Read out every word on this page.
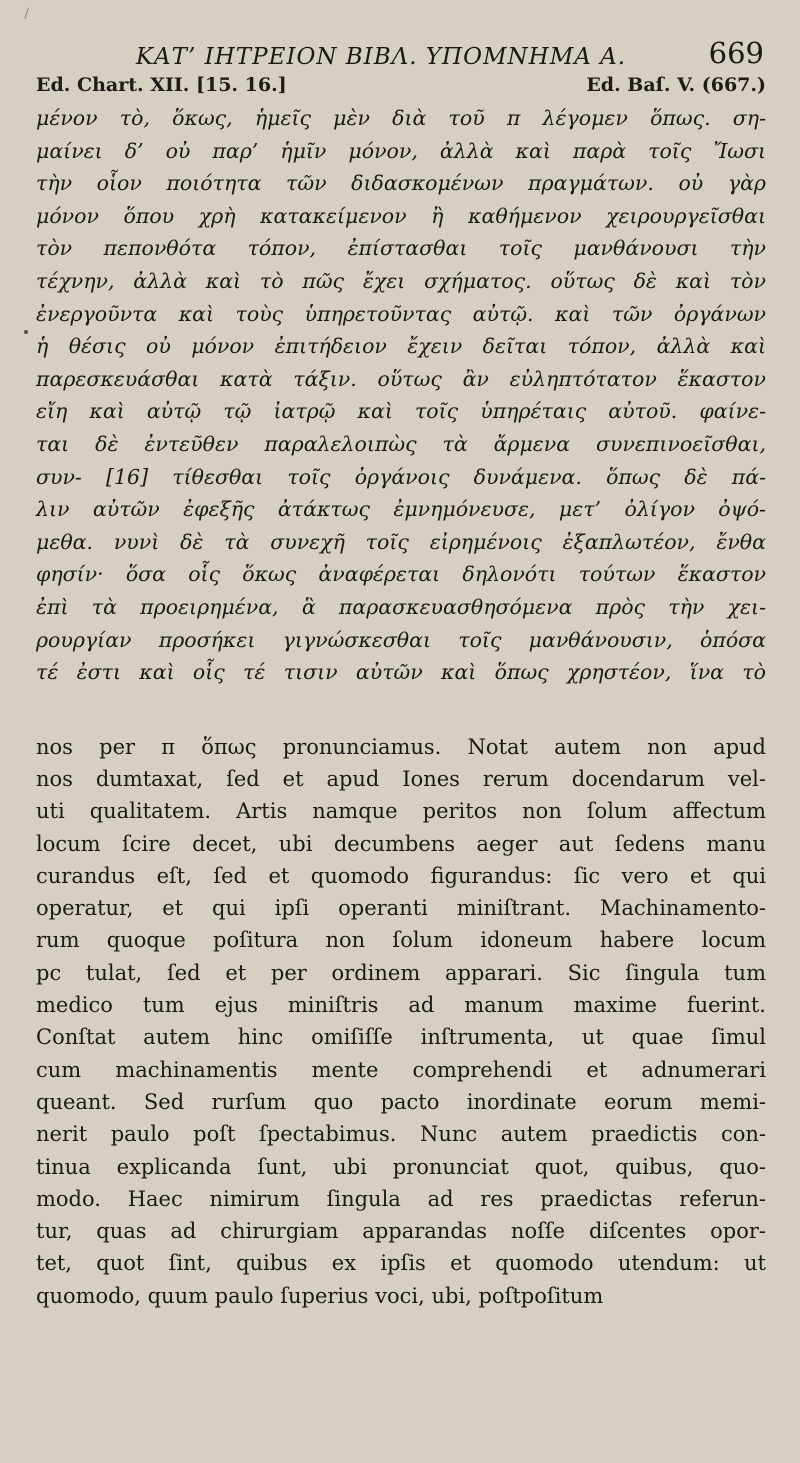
ΚΑΤ’ ΙΗΤΡΕΙΟΝ ΒΙΒΛ. ΥΠΟΜΝΗΜΑ Α.	669
Ed. Chart. XII. [15. 16.]	Ed. Baſ. V. (667.)
μένον τὸ, ὅκως, ἡμεῖς μὲν διὰ τοῦ π λέγομεν ὅπως. ση-
μαίνει δ’ οὐ παρ’ ἡμῖν μόνον, ἀλλὰ καὶ παρὰ τοῖς Ἴωσι
τὴν οἷον ποιότητα τῶν διδασκομένων πραγμάτων. οὐ γὰρ
μόνον ὅπου χρὴ κατακείμενον ἢ καθήμενον χειρουργεῖσθαι
τὸν πεπονθότα τόπον, ἐπίστασθαι τοῖς μανθάνουσι τὴν
τέχνην, ἀλλὰ καὶ τὸ πῶς ἔχει σχήματος. οὕτως δὲ καὶ τὸν
ἐνεργοῦντα καὶ τοὺς ὑπηρετοῦντας αὐτῷ. καὶ τῶν ὀργάνων
ἡ θέσις οὐ μόνον ἐπιτήδειον ἔχειν δεῖται τόπον, ἀλλὰ καὶ
παρεσκευάσθαι κατὰ τάξιν. οὕτως ἂν εὐληπτότατον ἕκαστον
εἴη καὶ αὐτῷ τῷ ἰατρῷ καὶ τοῖς ὑπηρέταις αὐτοῦ. φαίνε-
ται δὲ ἐντεῦθεν παραλελοιπὼς τὰ ἄρμενα συνεπινοεῖσθαι,
συν- [16] τίθεσθαι τοῖς ὀργάνοις δυνάμενα. ὅπως δὲ πά-
λιν αὐτῶν ἐφεξῆς ἀτάκτως ἐμνημόνευσε, μετ’ ὀλίγον ὀψό-
μεθα. νυνὶ δὲ τὰ συνεχῆ τοῖς εἰρημένοις ἐξαπλωτέον, ἔνθα
φησίν· ὅσα οἷς ὅκως ἀναφέρεται δηλονότι τούτων ἕκαστον
ἐπὶ τὰ προειρημένα, ἃ παρασκευασθησόμενα πρὸς τὴν χει-
ρουργίαν προσήκει γιγνώσκεσθαι τοῖς μανθάνουσιν, ὁπόσα
τέ ἐστι καὶ οἷς τέ τισιν αὐτῶν καὶ ὅπως χρηστέον, ἵνα τὸ
nos per π ὅπως pronunciamus. Notat autem non apud
nos dumtaxat, ſed et apud Iones rerum docendarum vel-
uti qualitatem. Artis namque peritos non ſolum affectum
locum ſcire decet, ubi decumbens aeger aut ſedens manu
curandus eſt, ſed et quomodo figurandus: ſic vero et qui
operatur, et qui ipſi operanti miniſtrant. Machinamento-
rum quoque poſitura non ſolum idoneum habere locum
pc tulat, ſed et per ordinem apparari. Sic ſingula tum
medico tum ejus miniſtris ad manum maxime fuerint.
Conſtat autem hinc omiſiſſe inſtrumenta, ut quae ſimul
cum machinamentis mente comprehendi et adnumerari
queant. Sed rurſum quo pacto inordinate eorum memi-
nerit paulo poſt ſpectabimus. Nunc autem praedictis con-
tinua explicanda ſunt, ubi pronunciat quot, quibus, quo-
modo. Haec nimirum ſingula ad res praedictas referun-
tur, quas ad chirurgiam apparandas noſſe diſcentes opor-
tet, quot ſint, quibus ex ipſis et quomodo utendum: ut
quomodo, quum paulo ſuperius voci, ubi, poſtpoſitum
